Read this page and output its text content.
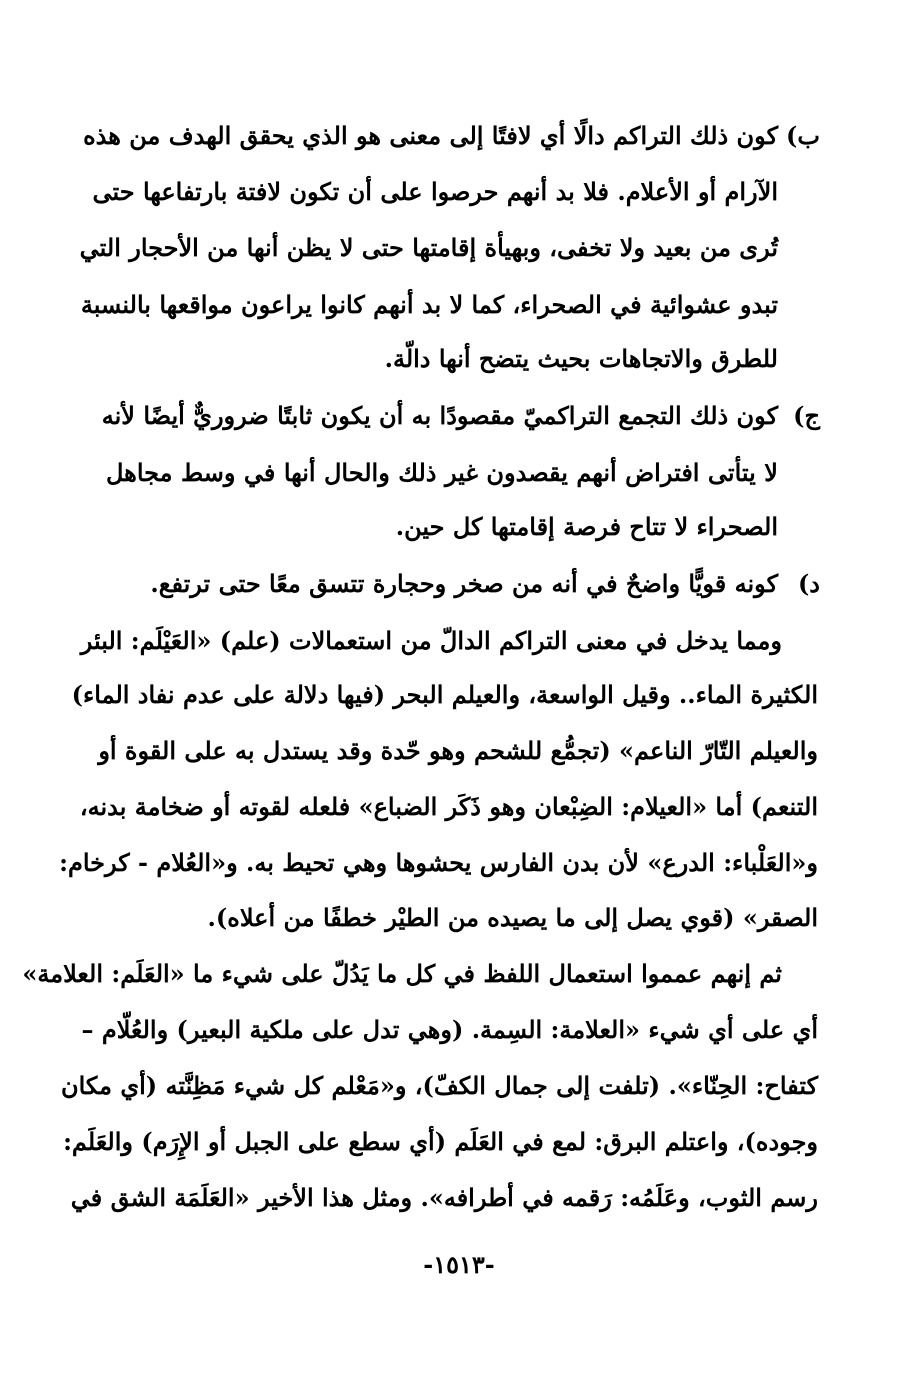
ب)
كون ذلك التراكم دالًا أي لافتًا إلى معنى هو الذي يحقق الهدف من هذه
الآرام أو الأعلام. فلا بد أنهم حرصوا على أن تكون لافتة بارتفاعها حتى
تُرى من بعيد ولا تخفى، وبهيأة إقامتها حتى لا يظن أنها من الأحجار التي
تبدو عشوائية في الصحراء، كما لا بد أنهم كانوا يراعون مواقعها بالنسبة
للطرق والاتجاهات بحيث يتضح أنها دالّة.
ج)
كون ذلك التجمع التراكميّ مقصودًا به أن يكون ثابتًا ضروريٌّ أيضًا لأنه
لا يتأتى افتراض أنهم يقصدون غير ذلك والحال أنها في وسط مجاهل
الصحراء لا تتاح فرصة إقامتها كل حين.
د)
كونه قويًّا واضحٌ في أنه من صخر وحجارة تتسق معًا حتى ترتفع.
ومما يدخل في معنى التراكم الدالّ من استعمالات (علم) «العَيْلَم: البئر
الكثيرة الماء.. وقيل الواسعة، والعيلم البحر (فيها دلالة على عدم نفاد الماء)
والعيلم التّارّ الناعم» (تجمُّع للشحم وهو حّدة وقد يستدل به على القوة أو
التنعم) أما «العيلام: الضِبْعان وهو ذَكَر الضباع» فلعله لقوته أو ضخامة بدنه،
و«العَلْباء: الدرع» لأن بدن الفارس يحشوها وهي تحيط به. و«العُلام - كرخام:
الصقر» (قوي يصل إلى ما يصيده من الطيْر خطفًا من أعلاه).
ثم إنهم عمموا استعمال اللفظ في كل ما يَدُلّ على شيء ما «العَلَم: العلامة»
أي على أي شيء «العلامة: السِمة. (وهي تدل على ملكية البعير) والعُلّام –
كتفاح: الحِنّاء». (تلفت إلى جمال الكفّ)، و«مَعْلم كل شيء مَظِنَّته (أي مكان
وجوده)، واعتلم البرق: لمع في العَلَم (أي سطع على الجبل أو الإِرَم) والعَلَم:
رسم الثوب، وعَلَمُه: رَقمه في أطرافه». ومثل هذا الأخير «العَلَمَة الشق في
-١٥١٣-
